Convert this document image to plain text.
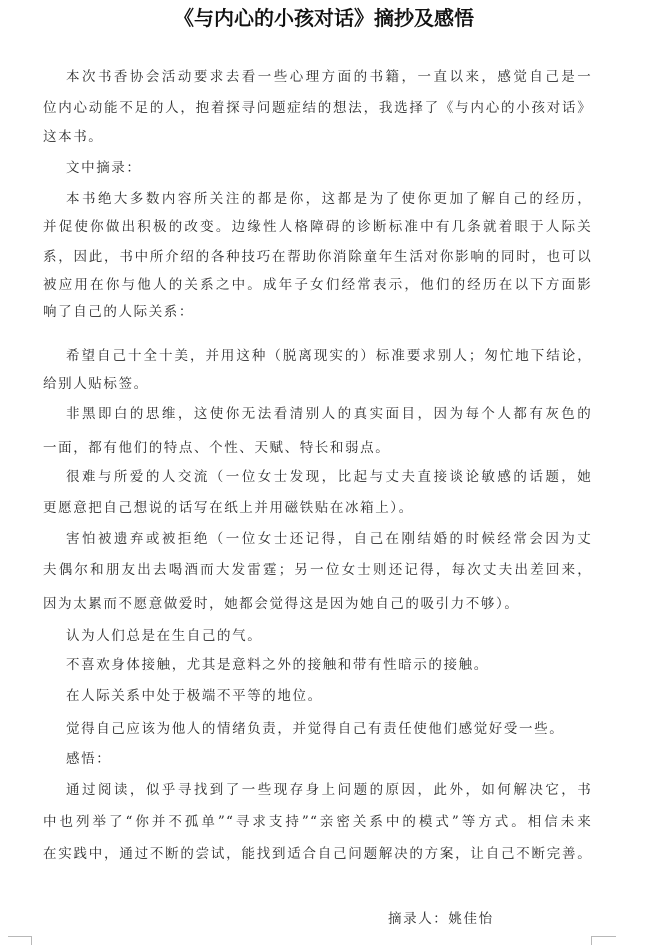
《与内心的小孩对话》摘抄及感悟
本次书香协会活动要求去看一些心理方面的书籍，一直以来，感觉自己是一
位内心动能不足的人，抱着探寻问题症结的想法，我选择了《与内心的小孩对话》
这本书。
文中摘录：
本书绝大多数内容所关注的都是你，这都是为了使你更加了解自己的经历，
并促使你做出积极的改变。边缘性人格障碍的诊断标准中有几条就着眼于人际关
系，因此，书中所介绍的各种技巧在帮助你消除童年生活对你影响的同时，也可以
被应用在你与他人的关系之中。成年子女们经常表示，他们的经历在以下方面影
响了自己的人际关系：
希望自己十全十美，并用这种（脱离现实的）标准要求别人；匆忙地下结论，
给别人贴标签。
非黑即白的思维，这使你无法看清别人的真实面目，因为每个人都有灰色的
一面，都有他们的特点、个性、天赋、特长和弱点。
很难与所爱的人交流（一位女士发现，比起与丈夫直接谈论敏感的话题，她
更愿意把自己想说的话写在纸上并用磁铁贴在冰箱上）。
害怕被遗弃或被拒绝（一位女士还记得，自己在刚结婚的时候经常会因为丈
夫偶尔和朋友出去喝酒而大发雷霆；另一位女士则还记得，每次丈夫出差回来，
因为太累而不愿意做爱时，她都会觉得这是因为她自己的吸引力不够）。
认为人们总是在生自己的气。
不喜欢身体接触，尤其是意料之外的接触和带有性暗示的接触。
在人际关系中处于极端不平等的地位。
觉得自己应该为他人的情绪负责，并觉得自己有责任使他们感觉好受一些。
感悟：
通过阅读，似乎寻找到了一些现存身上问题的原因，此外，如何解决它，书
中也列举了“你并不孤单”“寻求支持”“亲密关系中的模式”等方式。相信未来
在实践中，通过不断的尝试，能找到适合自己问题解决的方案，让自己不断完善。
摘录人：姚佳怡
